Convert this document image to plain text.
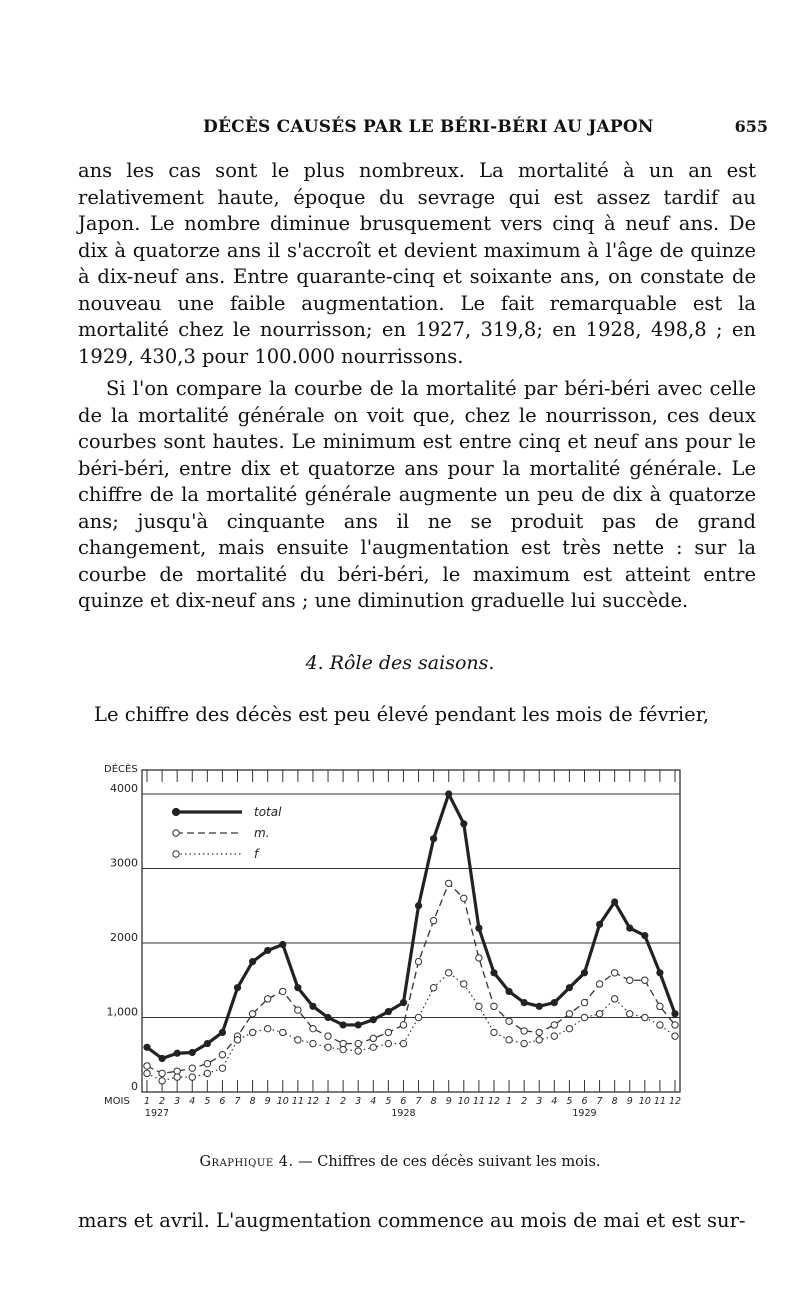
DÉCÈS CAUSÉS PAR LE BÉRI-BÉRI AU JAPON	655

ans les cas sont le plus nombreux. La mortalité à un an est relativement haute, époque du sevrage qui est assez tardif au Japon. Le nombre diminue brusquement vers cinq à neuf ans. De dix à quatorze ans il s'accroît et devient maximum à l'âge de quinze à dix-neuf ans. Entre quarante-cinq et soixante ans, on constate de nouveau une faible augmentation. Le fait remarquable est la mortalité chez le nourrisson; en 1927, 319,8; en 1928, 498,8 ; en 1929, 430,3 pour 100.000 nourrissons.

Si l'on compare la courbe de la mortalité par béri-béri avec celle de la mortalité générale on voit que, chez le nourrisson, ces deux courbes sont hautes. Le minimum est entre cinq et neuf ans pour le béri-béri, entre dix et quatorze ans pour la mortalité générale. Le chiffre de la mortalité générale augmente un peu de dix à quatorze ans; jusqu'à cinquante ans il ne se produit pas de grand changement, mais ensuite l'augmentation est très nette : sur la courbe de mortalité du béri-béri, le maximum est atteint entre quinze et dix-neuf ans ; une diminution graduelle lui succède.

4. Rôle des saisons.

Le chiffre des décès est peu élevé pendant les mois de février,

0
1,000
2000
3000
4000
DÉCÈS
1 2 3 4 5 6 7 8 9 10 11 12 1 2 3 4 5 6 7 8 9 10 11 12 1 2 3 4 5 6 7 8 9 10 11 12
MOIS
1927	1928	1929
total
m.
f
Graphique 4. — Chiffres de ces décès suivant les mois.

mars et avril. L'augmentation commence au mois de mai et est sur-
